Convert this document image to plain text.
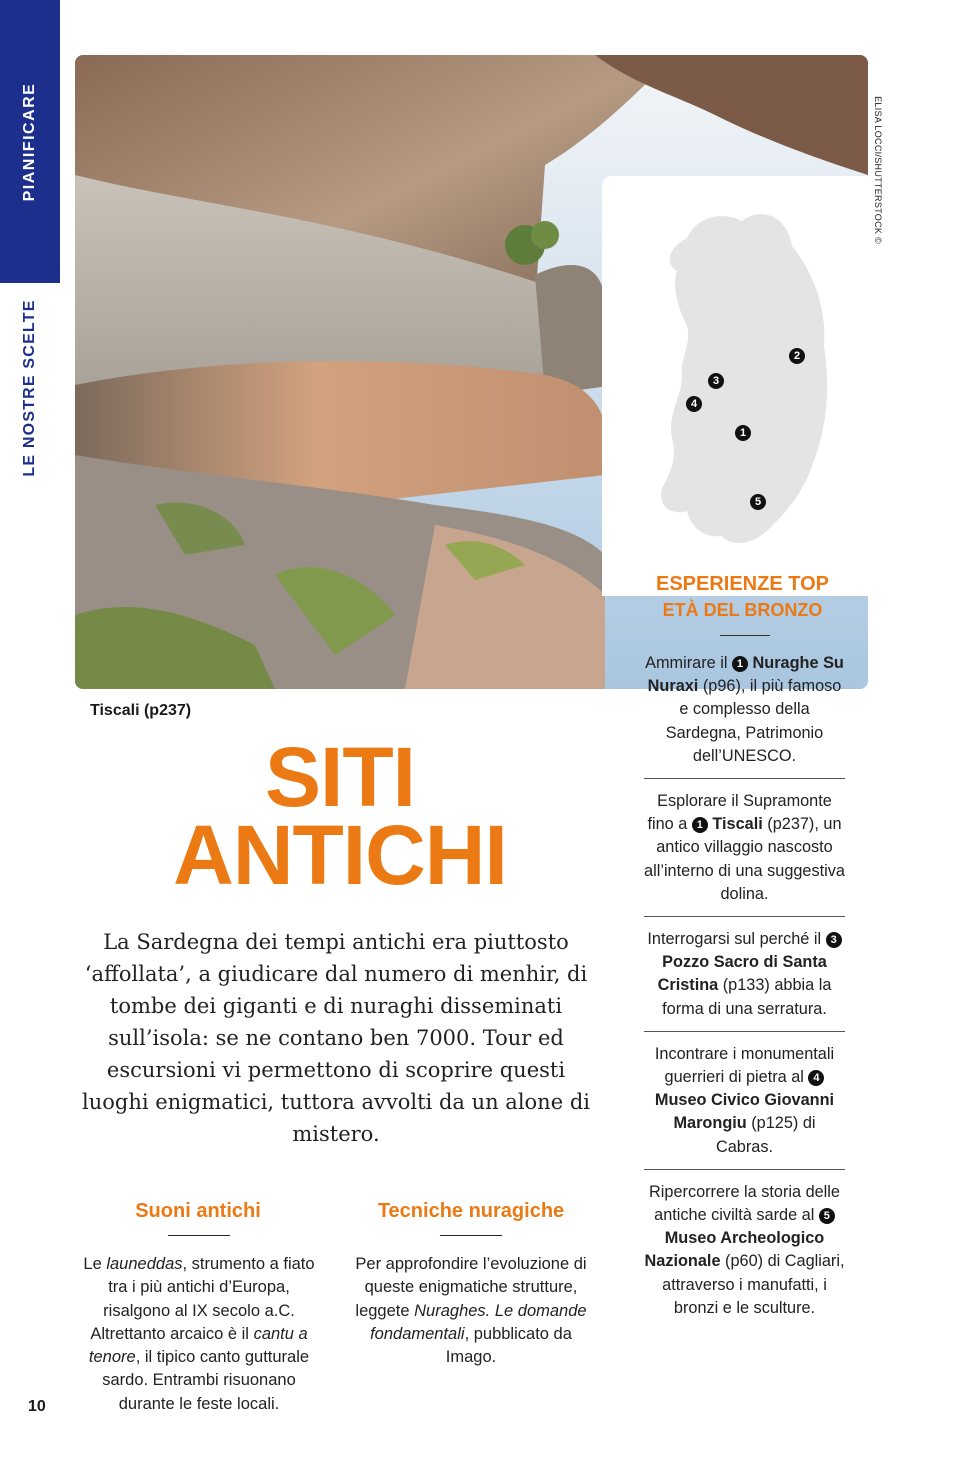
PIANIFICARE
LE NOSTRE SCELTE	2
3
4
1
5
ELISA LOCCI/SHUTTERSTOCK ©
Tiscali (p237)
SITI
ANTICHI
La Sardegna dei tempi antichi era piuttosto ‘affollata’, a giudicare dal numero di menhir, di tombe dei giganti e di nuraghi disseminati sull’isola: se ne contano ben 7000. Tour ed escursioni vi permettono di scoprire questi luoghi enigmatici, tuttora avvolti da un alone di mistero.
Suoni antichi
Le launeddas, strumento a fiato tra i più antichi d’Europa, risalgono al IX secolo a.C. Altrettanto arcaico è il cantu a tenore, il tipico canto gutturale sardo. Entrambi risuonano durante le feste locali.
Tecniche nuragiche
Per approfondire l’evoluzione di queste enigmatiche strutture, leggete Nuraghes. Le domande fondamentali, pubblicato da Imago.
10
ESPERIENZE TOP
ETÀ DEL BRONZO
Ammirare il 1 Nuraghe Su Nuraxi (p96), il più famoso e complesso della Sardegna, Patrimonio dell’UNESCO.
Esplorare il Supramonte fino a 1 Tiscali (p237), un antico villaggio nascosto all’interno di una suggestiva dolina.
Interrogarsi sul perché il 3 Pozzo Sacro di Santa Cristina (p133) abbia la forma di una serratura.
Incontrare i monumentali guerrieri di pietra al 4 Museo Civico Giovanni Marongiu (p125) di Cabras.
Ripercorrere la storia delle antiche civiltà sarde al 5 Museo Archeologico Nazionale (p60) di Cagliari, attraverso i manufatti, i bronzi e le sculture.
